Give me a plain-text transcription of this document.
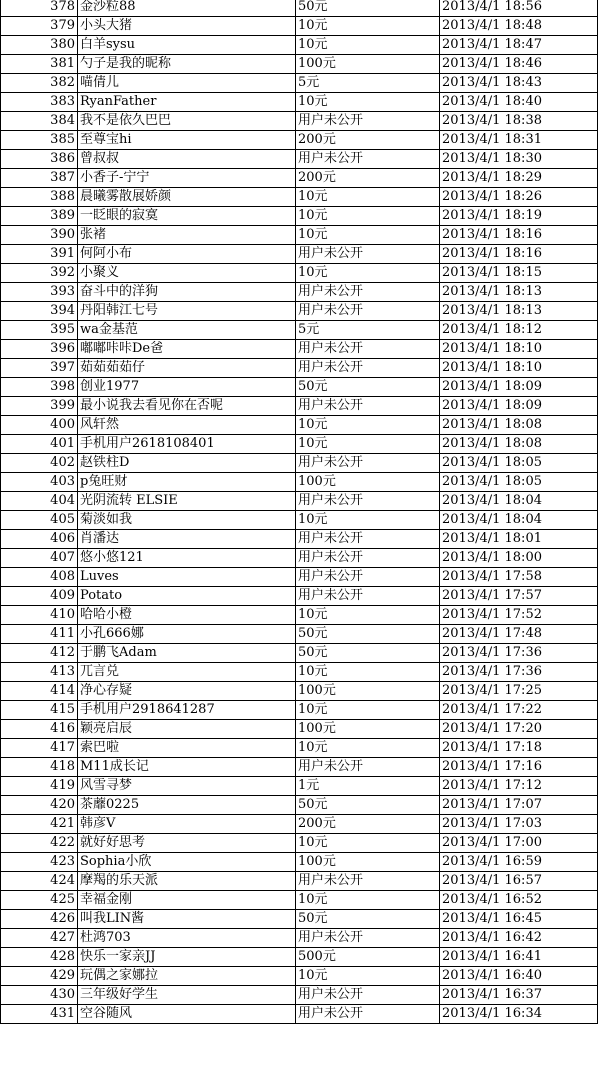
378	金沙粒88	50元	2013/4/1 18:56
379	小头大猪	10元	2013/4/1 18:48
380	白羊sysu	10元	2013/4/1 18:47
381	勺子是我的昵称	100元	2013/4/1 18:46
382	喵倩儿	5元	2013/4/1 18:43
383	RyanFather	10元	2013/4/1 18:40
384	我不是依久巴巴	用户未公开	2013/4/1 18:38
385	至尊宝hi	200元	2013/4/1 18:31
386	曾叔叔	用户未公开	2013/4/1 18:30
387	小香子-宁宁	200元	2013/4/1 18:29
388	晨曦雾散展娇颜	10元	2013/4/1 18:26
389	一眨眼的寂寞	10元	2013/4/1 18:19
390	张褚	10元	2013/4/1 18:16
391	何阿小布	用户未公开	2013/4/1 18:16
392	小聚义	10元	2013/4/1 18:15
393	奋斗中的洋狗	用户未公开	2013/4/1 18:13
394	丹阳韩江七号	用户未公开	2013/4/1 18:13
395	wa金基范	5元	2013/4/1 18:12
396	嘟嘟咔咔De爸	用户未公开	2013/4/1 18:10
397	茹茹茹茹仔	用户未公开	2013/4/1 18:10
398	创业1977	50元	2013/4/1 18:09
399	最小说我去看见你在否呢	用户未公开	2013/4/1 18:09
400	风轩然	10元	2013/4/1 18:08
401	手机用户2618108401	10元	2013/4/1 18:08
402	赵铁柱D	用户未公开	2013/4/1 18:05
403	p兔旺财	100元	2013/4/1 18:05
404	光阴流转 ELSIE	用户未公开	2013/4/1 18:04
405	菊淡如我	10元	2013/4/1 18:04
406	肖潘达	用户未公开	2013/4/1 18:01
407	悠小悠121	用户未公开	2013/4/1 18:00
408	Luves	用户未公开	2013/4/1 17:58
409	Potato	用户未公开	2013/4/1 17:57
410	哈哈小橙	10元	2013/4/1 17:52
411	小孔666娜	50元	2013/4/1 17:48
412	于鹏飞Adam	50元	2013/4/1 17:36
413	兀言兑	10元	2013/4/1 17:36
414	净心存疑	100元	2013/4/1 17:25
415	手机用户2918641287	10元	2013/4/1 17:22
416	颖亮启辰	100元	2013/4/1 17:20
417	索巴啦	10元	2013/4/1 17:18
418	M11成长记	用户未公开	2013/4/1 17:16
419	风雪寻梦	1元	2013/4/1 17:12
420	茶蘼0225	50元	2013/4/1 17:07
421	韩彦V	200元	2013/4/1 17:03
422	就好好思考	10元	2013/4/1 17:00
423	Sophia小欣	100元	2013/4/1 16:59
424	摩羯的乐天派	用户未公开	2013/4/1 16:57
425	幸福金刚	10元	2013/4/1 16:52
426	叫我LIN酱	50元	2013/4/1 16:45
427	杜鸿703	用户未公开	2013/4/1 16:42
428	快乐一家亲JJ	500元	2013/4/1 16:41
429	玩偶之家娜拉	10元	2013/4/1 16:40
430	三年级好学生	用户未公开	2013/4/1 16:37
431	空谷随风	用户未公开	2013/4/1 16:34
